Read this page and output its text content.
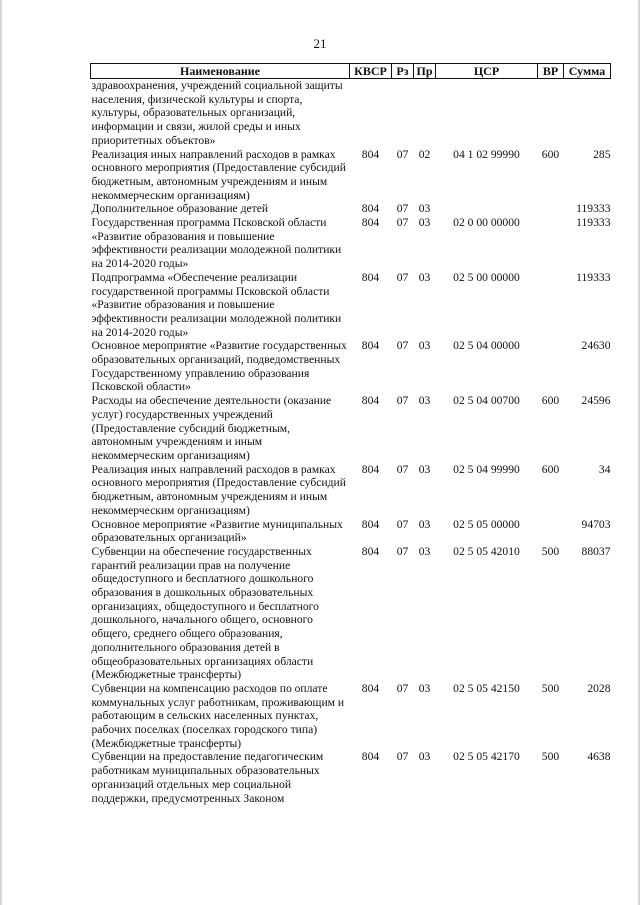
21
Наименование	КВСР	Рз	Пр	ЦСР	ВР	Сумма
здравоохранения, учреждений социальной защиты населения, физической культуры и спорта, культуры, образовательных организаций, информации и связи, жилой среды и иных приоритетных объектов»						
Реализация иных направлений расходов в рамках основного мероприятия (Предоставление субсидий бюджетным, автономным учреждениям и иным некоммерческим организациям)	804	07	02	04 1 02 99990	600	285
Дополнительное образование детей	804	07	03			119333
Государственная программа Псковской области «Развитие образования и повышение эффективности реализации молодежной политики на 2014-2020 годы»	804	07	03	02 0 00 00000		119333
Подпрограмма «Обеспечение реализации государственной программы Псковской области «Развитие образования и повышение эффективности реализации молодежной политики на 2014-2020 годы»	804	07	03	02 5 00 00000		119333
Основное мероприятие «Развитие государственных образовательных организаций, подведомственных Государственному управлению образования Псковской области»	804	07	03	02 5 04 00000		24630
Расходы на обеспечение деятельности (оказание услуг) государственных учреждений (Предоставление субсидий бюджетным, автономным учреждениям и иным некоммерческим организациям)	804	07	03	02 5 04 00700	600	24596
Реализация иных направлений расходов в рамках основного мероприятия (Предоставление субсидий бюджетным, автономным учреждениям и иным некоммерческим организациям)	804	07	03	02 5 04 99990	600	34
Основное мероприятие «Развитие муниципальных образовательных организаций»	804	07	03	02 5 05 00000		94703
Субвенции на обеспечение государственных гарантий реализации прав на получение общедоступного и бесплатного дошкольного образования в дошкольных образовательных организациях, общедоступного и бесплатного дошкольного, начального общего, основного общего, среднего общего образования, дополнительного образования детей в общеобразовательных организациях области (Межбюджетные трансферты)	804	07	03	02 5 05 42010	500	88037
Субвенции на компенсацию расходов по оплате коммунальных услуг работникам, проживающим и работающим в сельских населенных пунктах, рабочих поселках (поселках городского типа) (Межбюджетные трансферты)	804	07	03	02 5 05 42150	500	2028
Субвенции на предоставление педагогическим работникам муниципальных образовательных организаций отдельных мер социальной поддержки, предусмотренных Законом	804	07	03	02 5 05 42170	500	4638
